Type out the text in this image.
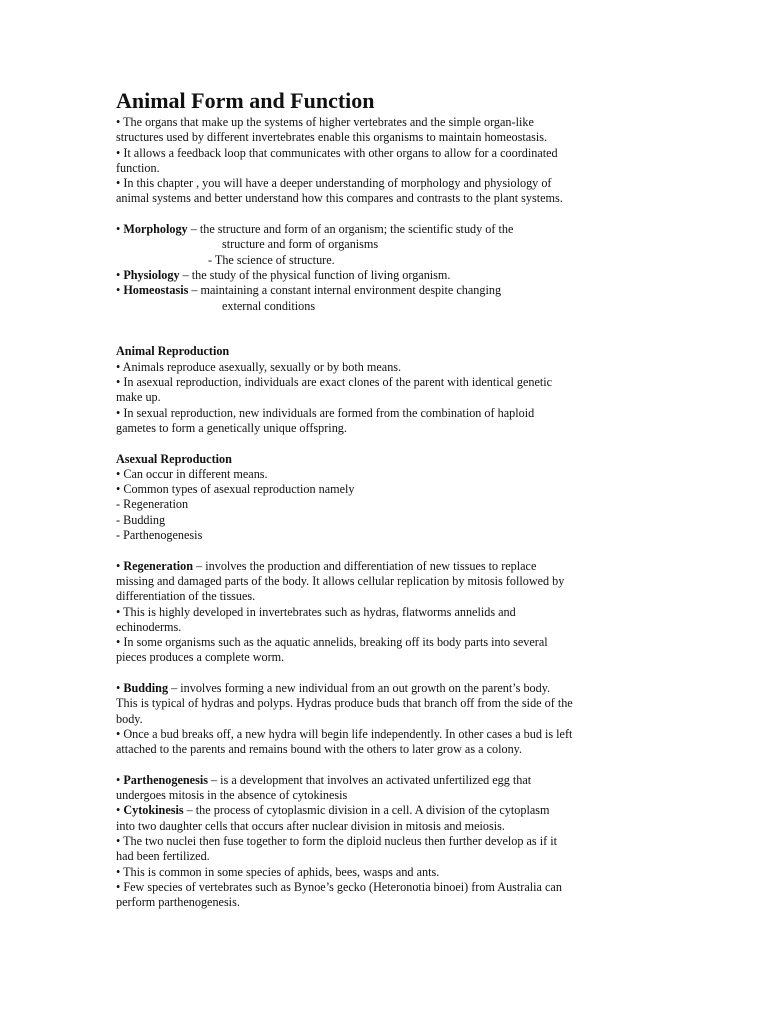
Animal Form and Function
• The organs that make up the systems of higher vertebrates and the simple organ-like
structures used by different invertebrates enable this organisms to maintain homeostasis.
• It allows a feedback loop that communicates with other organs to allow for a coordinated
function.
• In this chapter , you will have a deeper understanding of morphology and physiology of
animal systems and better understand how this compares and contrasts to the plant systems.
• Morphology – the structure and form of an organism; the scientific study of the
structure and form of organisms
- The science of structure.
• Physiology – the study of the physical function of living organism.
• Homeostasis – maintaining a constant internal environment despite changing
external conditions
Animal Reproduction
• Animals reproduce asexually, sexually or by both means.
• In asexual reproduction, individuals are exact clones of the parent with identical genetic
make up.
• In sexual reproduction, new individuals are formed from the combination of haploid
gametes to form a genetically unique offspring.
Asexual Reproduction
• Can occur in different means.
• Common types of asexual reproduction namely
- Regeneration
- Budding
- Parthenogenesis
• Regeneration – involves the production and differentiation of new tissues to replace
missing and damaged parts of the body. It allows cellular replication by mitosis followed by
differentiation of the tissues.
• This is highly developed in invertebrates such as hydras, flatworms annelids and
echinoderms.
• In some organisms such as the aquatic annelids, breaking off its body parts into several
pieces produces a complete worm.
• Budding – involves forming a new individual from an out growth on the parent’s body.
This is typical of hydras and polyps. Hydras produce buds that branch off from the side of the
body.
• Once a bud breaks off, a new hydra will begin life independently. In other cases a bud is left
attached to the parents and remains bound with the others to later grow as a colony.
• Parthenogenesis – is a development that involves an activated unfertilized egg that
undergoes mitosis in the absence of cytokinesis
• Cytokinesis – the process of cytoplasmic division in a cell. A division of the cytoplasm
into two daughter cells that occurs after nuclear division in mitosis and meiosis.
• The two nuclei then fuse together to form the diploid nucleus then further develop as if it
had been fertilized.
• This is common in some species of aphids, bees, wasps and ants.
• Few species of vertebrates such as Bynoe’s gecko (Heteronotia binoei) from Australia can
perform parthenogenesis.
